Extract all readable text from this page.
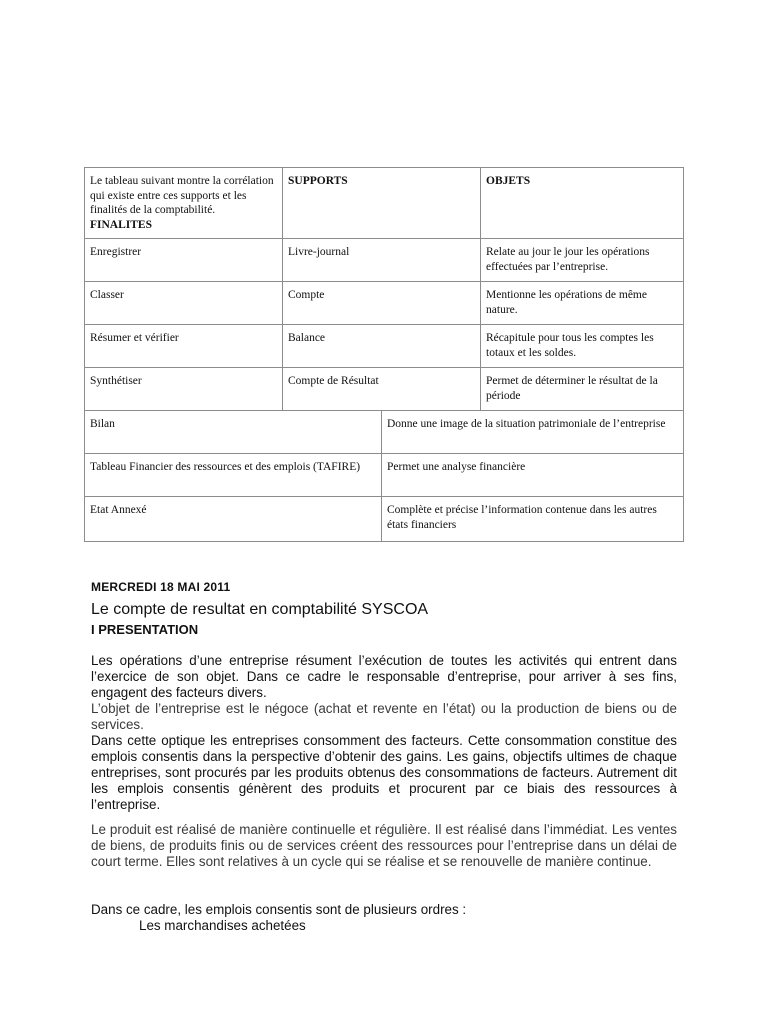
Le tableau suivant montre la corrélation qui existe entre ces supports et les finalités de la comptabilité. FINALITES	SUPPORTS		OBJETS
Enregistrer	Livre-journal		Relate au jour le jour les opérations effectuées par l’entreprise.
Classer	Compte		Mentionne les opérations de même nature.
Résumer et vérifier	Balance		Récapitule pour tous les comptes les totaux et les soldes.
Synthétiser	Compte de Résultat		Permet de déterminer le résultat de la période
Bilan		Donne une image de la situation patrimoniale de l’entreprise	
Tableau Financier des ressources et des emplois (TAFIRE)		Permet une analyse financière	
Etat Annexé		Complète et précise l’information contenue dans les autres états financiers	
MERCREDI 18 MAI 2011
Le compte de resultat en comptabilité SYSCOA
I PRESENTATION
Les opérations d’une entreprise résument l’exécution de toutes les activités qui entrent dans l’exercice de son objet. Dans ce cadre le responsable d’entreprise, pour arriver à ses fins, engagent des facteurs divers.
L’objet de l’entreprise est le négoce (achat et revente en l’état) ou la production de biens ou de services.
Dans cette optique les entreprises consomment des facteurs. Cette consommation constitue des emplois consentis dans la perspective d’obtenir des gains. Les gains, objectifs ultimes de chaque entreprises, sont procurés par les produits obtenus des consommations de facteurs. Autrement dit les emplois consentis génèrent des produits et procurent par ce biais des ressources à l’entreprise.
Le produit est réalisé de manière continuelle et régulière. Il est réalisé dans l’immédiat. Les ventes de biens, de produits finis ou de services créent des ressources pour l’entreprise dans un délai de court terme. Elles sont relatives à un cycle qui se réalise et se renouvelle de manière continue.
Dans ce cadre, les emplois consentis sont de plusieurs ordres :
Les marchandises achetées
